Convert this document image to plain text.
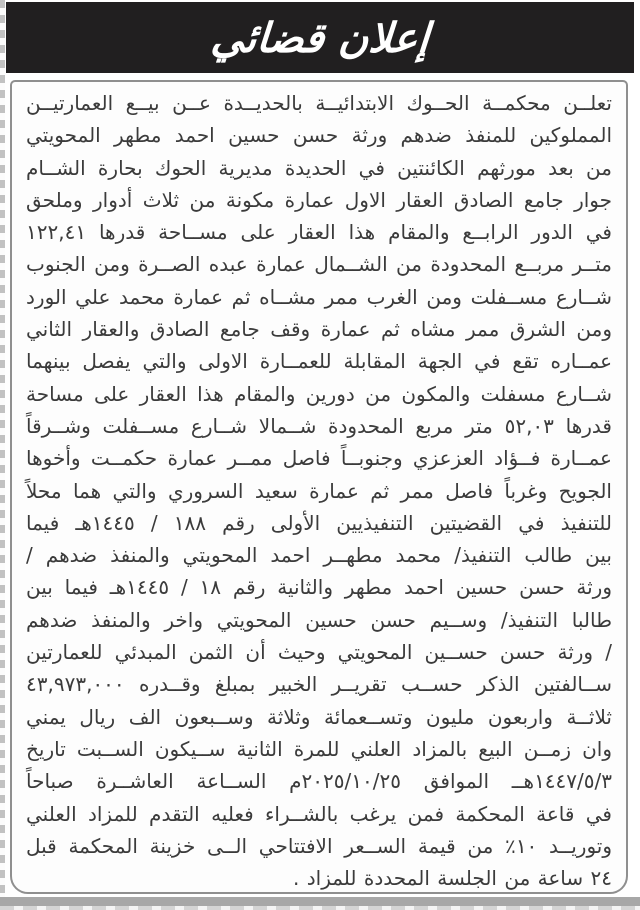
إعلان قضائي
تعلــن محكمــة الحــوك الابتدائيــة بالحديــدة عــن بيــع العمارتيــن
المملوكين للمنفذ ضدهم ورثة حسن حسين احمد مطهر المحويتي
من بعد مورثهم الكائنتين في الحديدة مديرية الحوك بحارة الشــام
جوار جامع الصادق العقار الاول عمارة مكونة من ثلاث أدوار وملحق
في الدور الرابــع والمقام هذا العقار على مســاحة قدرها ١٢٢,٤١
متــر مربــع المحدودة من الشــمال عمارة عبده الصــرة ومن الجنوب
شــارع مســفلت ومن الغرب ممر مشــاه ثم عمارة محمد علي الورد
ومن الشرق ممر مشاه ثم عمارة وقف جامع الصادق والعقار الثاني
عمــاره تقع في الجهة المقابلة للعمــارة الاولى والتي يفصل بينهما
شــارع مسفلت والمكون من دورين والمقام هذا العقار على مساحة
قدرها ٥٢,٠٣ متر مربع المحدودة شــمالا شــارع مســفلت وشــرقاً
عمــارة فــؤاد العزعزي وجنوبــاً فاصل ممــر عمارة حكمــت وأخوها
الجويح وغرباً فاصل ممر ثم عمارة سعيد السروري والتي هما محلاً
للتنفيذ في القضيتين التنفيذيين الأولى رقم ١٨٨ / ١٤٤٥هـ فيما
بين طالب التنفيذ/ محمد مطهــر احمد المحويتي والمنفذ ضدهم /
ورثة حسن حسين احمد مطهر والثانية رقم ١٨ / ١٤٤٥هـ فيما بين
طالبا التنفيذ/ وســيم حسن حسين المحويتي واخر والمنفذ ضدهم
/ ورثة حسن حســين المحويتي وحيث أن الثمن المبدئي للعمارتين
ســالفتين الذكر حســب تقريــر الخبير بمبلغ وقــدره ٤٣,٩٧٣,٠٠٠
ثلاثــة واربعون مليون وتســعمائة وثلاثة وســبعون الف ريال يمني
وان زمــن البيع بالمزاد العلني للمرة الثانية ســيكون الســبت تاريخ
١٤٤٧/٥/٣هــ الموافق ٢٠٢٥/١٠/٢٥م الســاعة العاشــرة صباحاً
في قاعة المحكمة فمن يرغب بالشــراء فعليه التقدم للمزاد العلني
وتوريــد ١٠٪ من قيمة الســعر الافتتاحي الــى خزينة المحكمة قبل
٢٤ ساعة من الجلسة المحددة للمزاد .
